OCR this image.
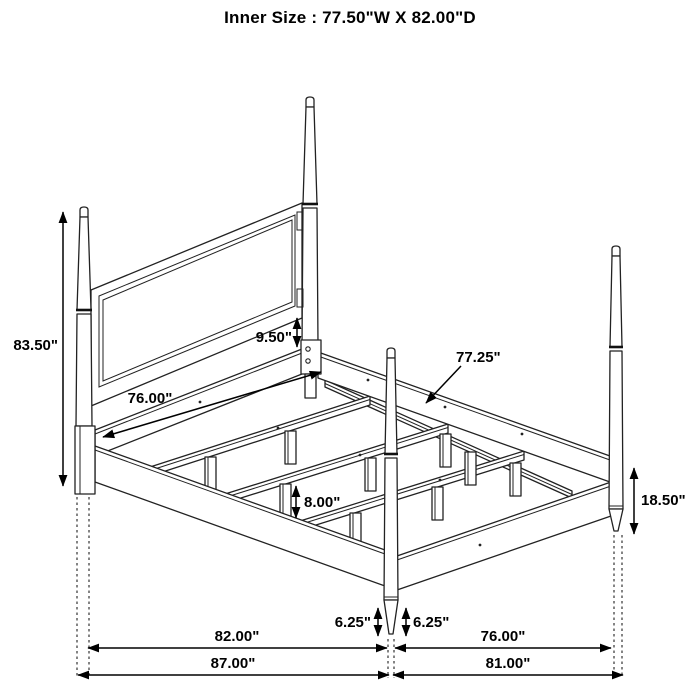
Inner Size : 77.50"W X 82.00"D
83.50"	9.50"
76.00"
77.25"
8.00"	18.50"
6.25"	6.25"
82.00"	76.00"
87.00"	81.00"
